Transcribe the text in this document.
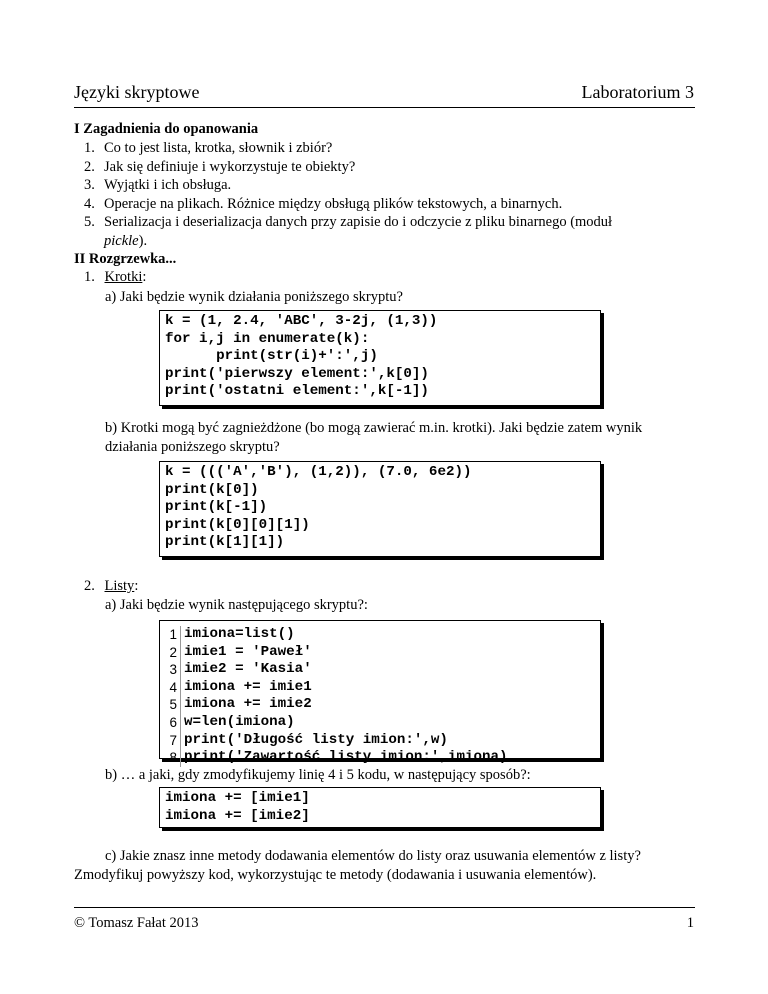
Języki skryptowe	Laboratorium 3
I Zagadnienia do opanowania
1. Co to jest lista, krotka, słownik i zbiór?
2. Jak się definiuje i wykorzystuje te obiekty?
3. Wyjątki i ich obsługa.
4. Operacje na plikach. Różnice między obsługą plików tekstowych, a binarnych.
5. Serializacja i deserializacja danych przy zapisie do i odczycie z pliku binarnego (moduł
pickle).
II Rozgrzewka...
1. Krotki:
a) Jaki będzie wynik działania poniższego skryptu?
k = (1, 2.4, 'ABC', 3-2j, (1,3))
for i,j in enumerate(k):
print(str(i)+':',j)
print('pierwszy element:',k[0])
print('ostatni element:',k[-1])
b) Krotki mogą być zagnieżdżone (bo mogą zawierać m.in. krotki). Jaki będzie zatem wynik
działania poniższego skryptu?
k = ((('A','B'), (1,2)), (7.0, 6e2))
print(k[0])
print(k[-1])
print(k[0][0][1])
print(k[1][1])
2. Listy:
a) Jaki będzie wynik następującego skryptu?:
1 imiona=list()
2 imie1 = 'Paweł'
3 imie2 = 'Kasia'
4 imiona += imie1
5 imiona += imie2
6 w=len(imiona)
7 print('Długość listy imion:',w)
8 print('Zawartość listy imion:',imiona)
b) … a jaki, gdy zmodyfikujemy linię 4 i 5 kodu, w następujący sposób?:
imiona += [imie1]
imiona += [imie2]
c) Jakie znasz inne metody dodawania elementów do listy oraz usuwania elementów z listy?
Zmodyfikuj powyższy kod, wykorzystując te metody (dodawania i usuwania elementów).
© Tomasz Fałat 2013	1
